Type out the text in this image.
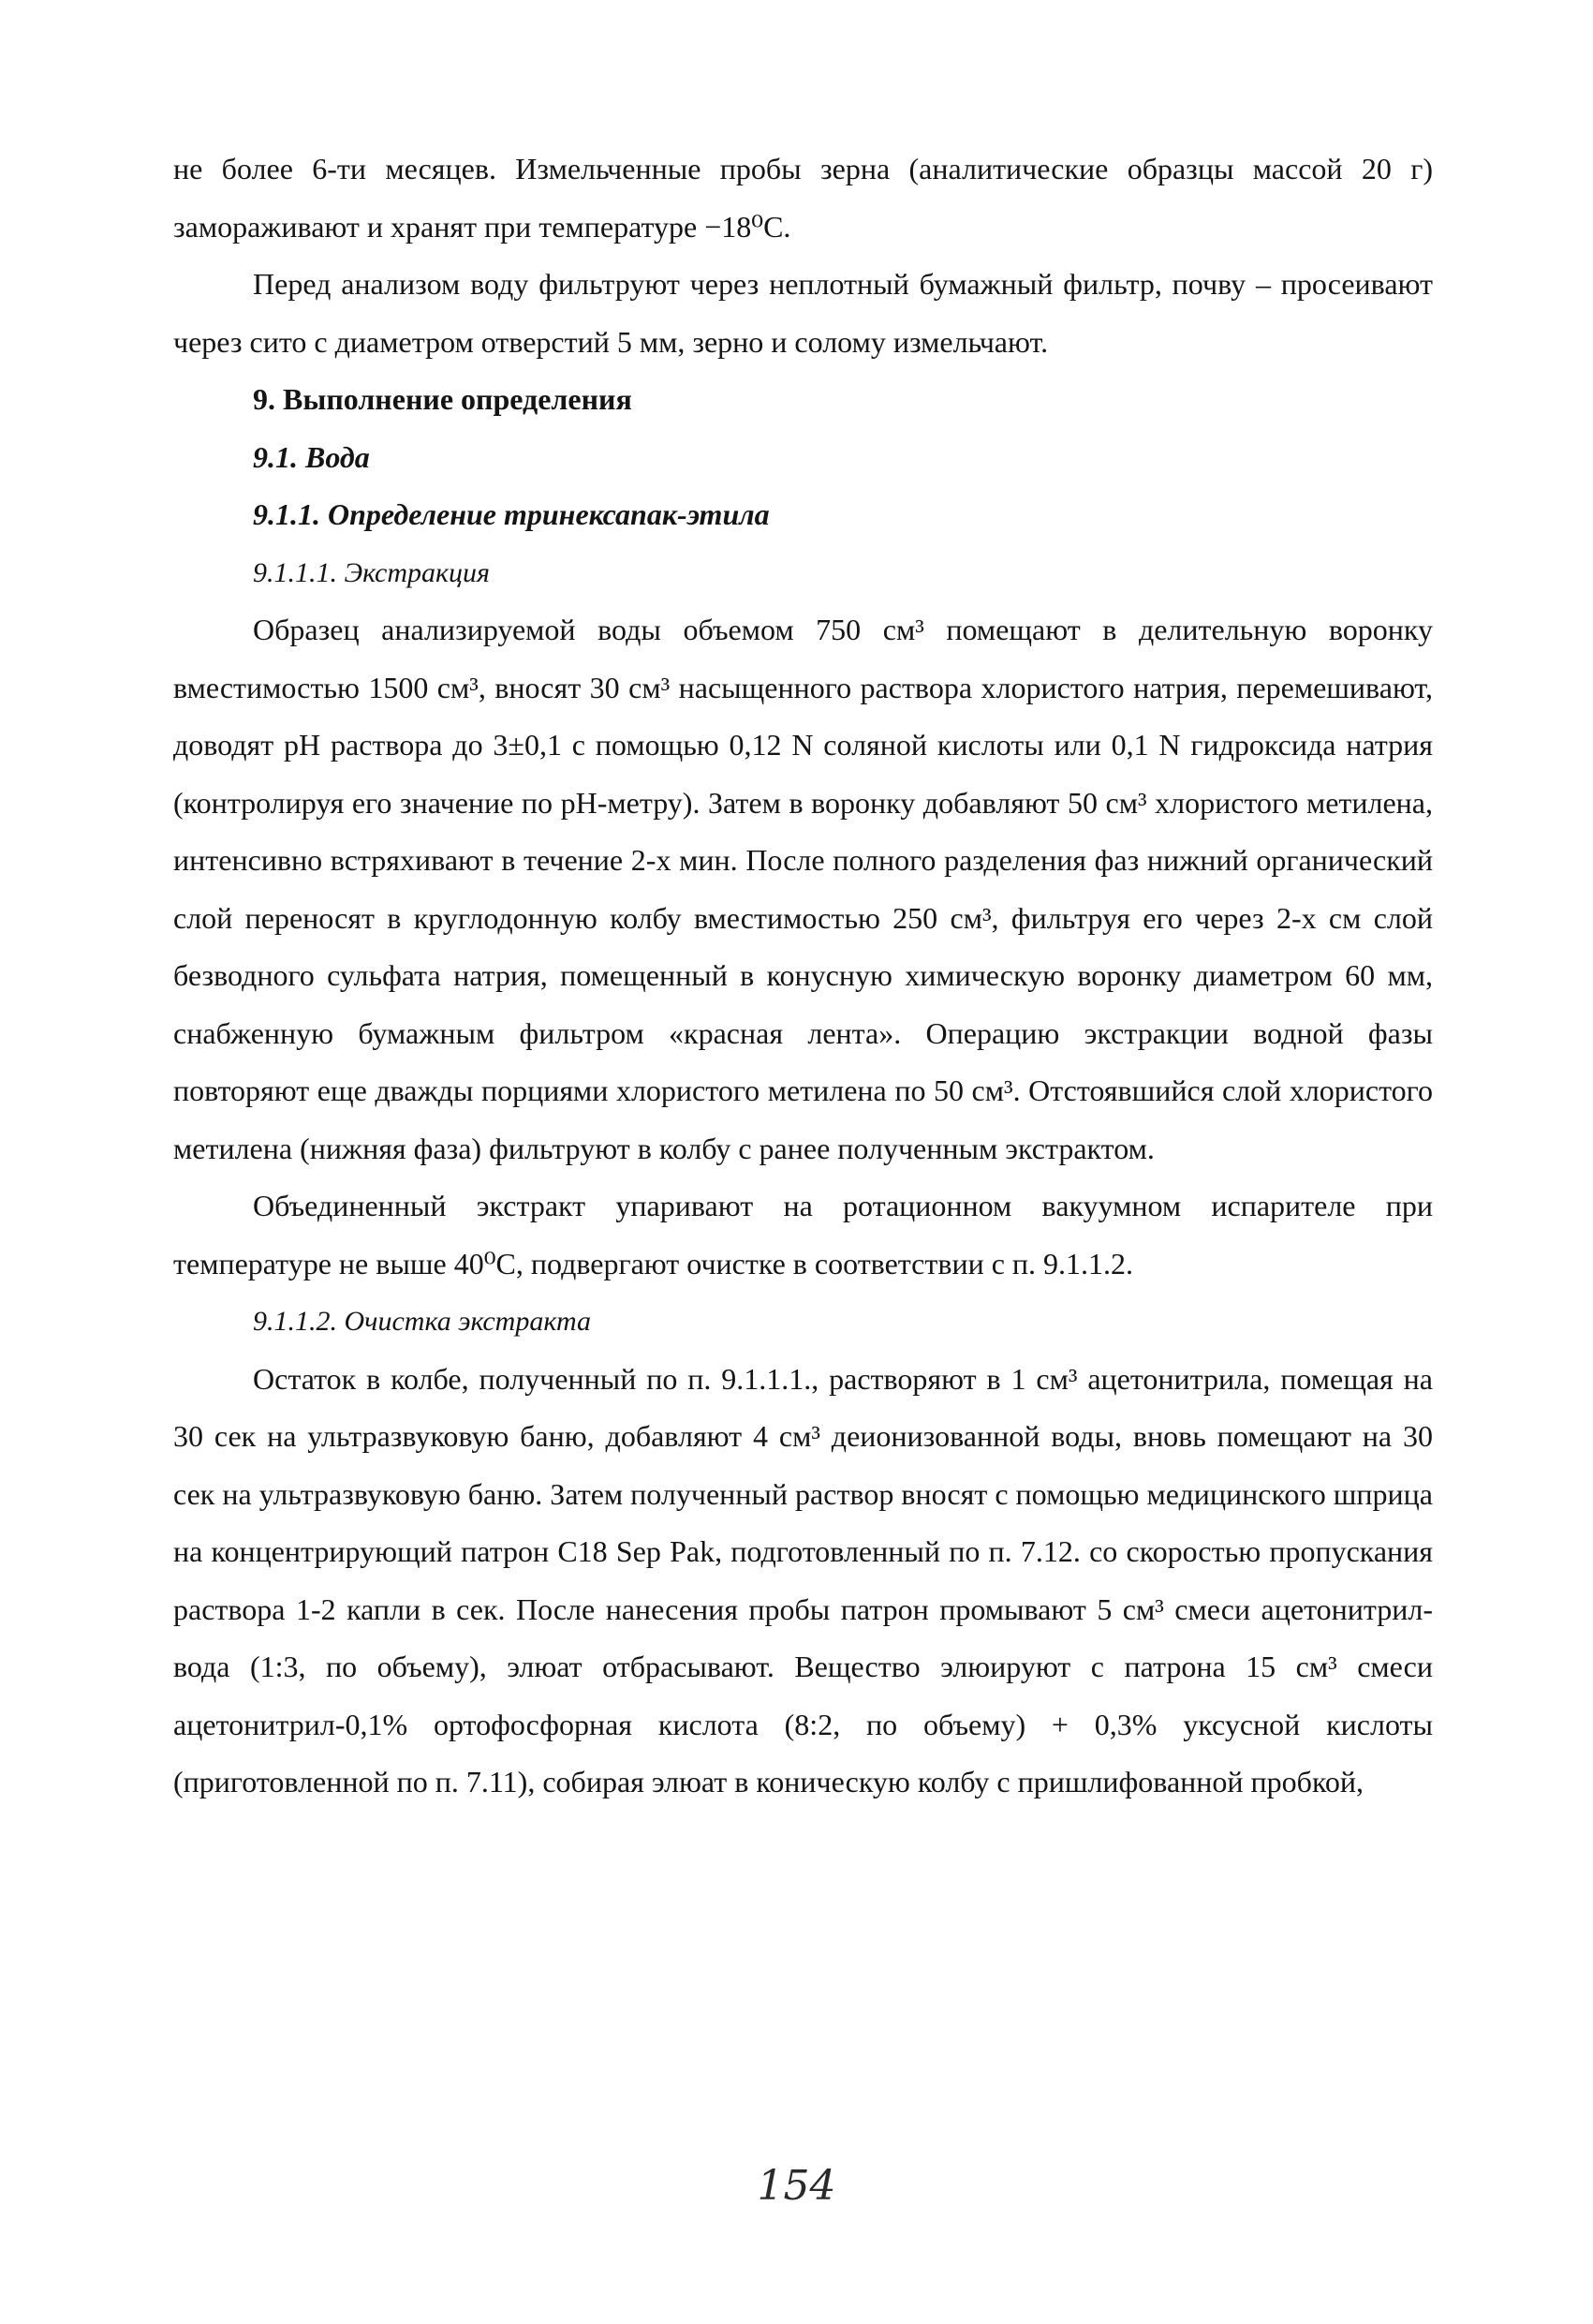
не более 6-ти месяцев. Измельченные пробы зерна (аналитические образцы массой 20 г) замораживают и хранят при температуре −18⁰С.

Перед анализом воду фильтруют через неплотный бумажный фильтр, почву – просеивают через сито с диаметром отверстий 5 мм, зерно и солому измельчают.

9. Выполнение определения

9.1. Вода

9.1.1. Определение тринексапак-этила

9.1.1.1. Экстракция

Образец анализируемой воды объемом 750 см³ помещают в делительную воронку вместимостью 1500 см³, вносят 30 см³ насыщенного раствора хлористого натрия, перемешивают, доводят рН раствора до 3±0,1 с помощью 0,12 N соляной кислоты или 0,1 N гидроксида натрия (контролируя его значение по рН-метру). Затем в воронку добавляют 50 см³ хлористого метилена, интенсивно встряхивают в течение 2-х мин. После полного разделения фаз нижний органический слой переносят в круглодонную колбу вместимостью 250 см³, фильтруя его через 2-х см слой безводного сульфата натрия, помещенный в конусную химическую воронку диаметром 60 мм, снабженную бумажным фильтром «красная лента». Операцию экстракции водной фазы повторяют еще дважды порциями хлористого метилена по 50 см³. Отстоявшийся слой хлористого метилена (нижняя фаза) фильтруют в колбу с ранее полученным экстрактом.

Объединенный экстракт упаривают на ротационном вакуумном испарителе при температуре не выше 40⁰С, подвергают очистке в соответствии с п. 9.1.1.2.

9.1.1.2. Очистка экстракта

Остаток в колбе, полученный по п. 9.1.1.1., растворяют в 1 см³ ацетонитрила, помещая на 30 сек на ультразвуковую баню, добавляют 4 см³ деионизованной воды, вновь помещают на 30 сек на ультразвуковую баню. Затем полученный раствор вносят с помощью медицинского шприца на концентрирующий патрон С18 Sep Pak, подготовленный по п. 7.12. со скоростью пропускания раствора 1-2 капли в сек. После нанесения пробы патрон промывают 5 см³ смеси ацетонитрил-вода (1:3, по объему), элюат отбрасывают. Вещество элюируют с патрона 15 см³ смеси ацетонитрил-0,1% ортофосфорная кислота (8:2, по объему) + 0,3% уксусной кислоты (приготовленной по п. 7.11), собирая элюат в коническую колбу с пришлифованной пробкой,

154
